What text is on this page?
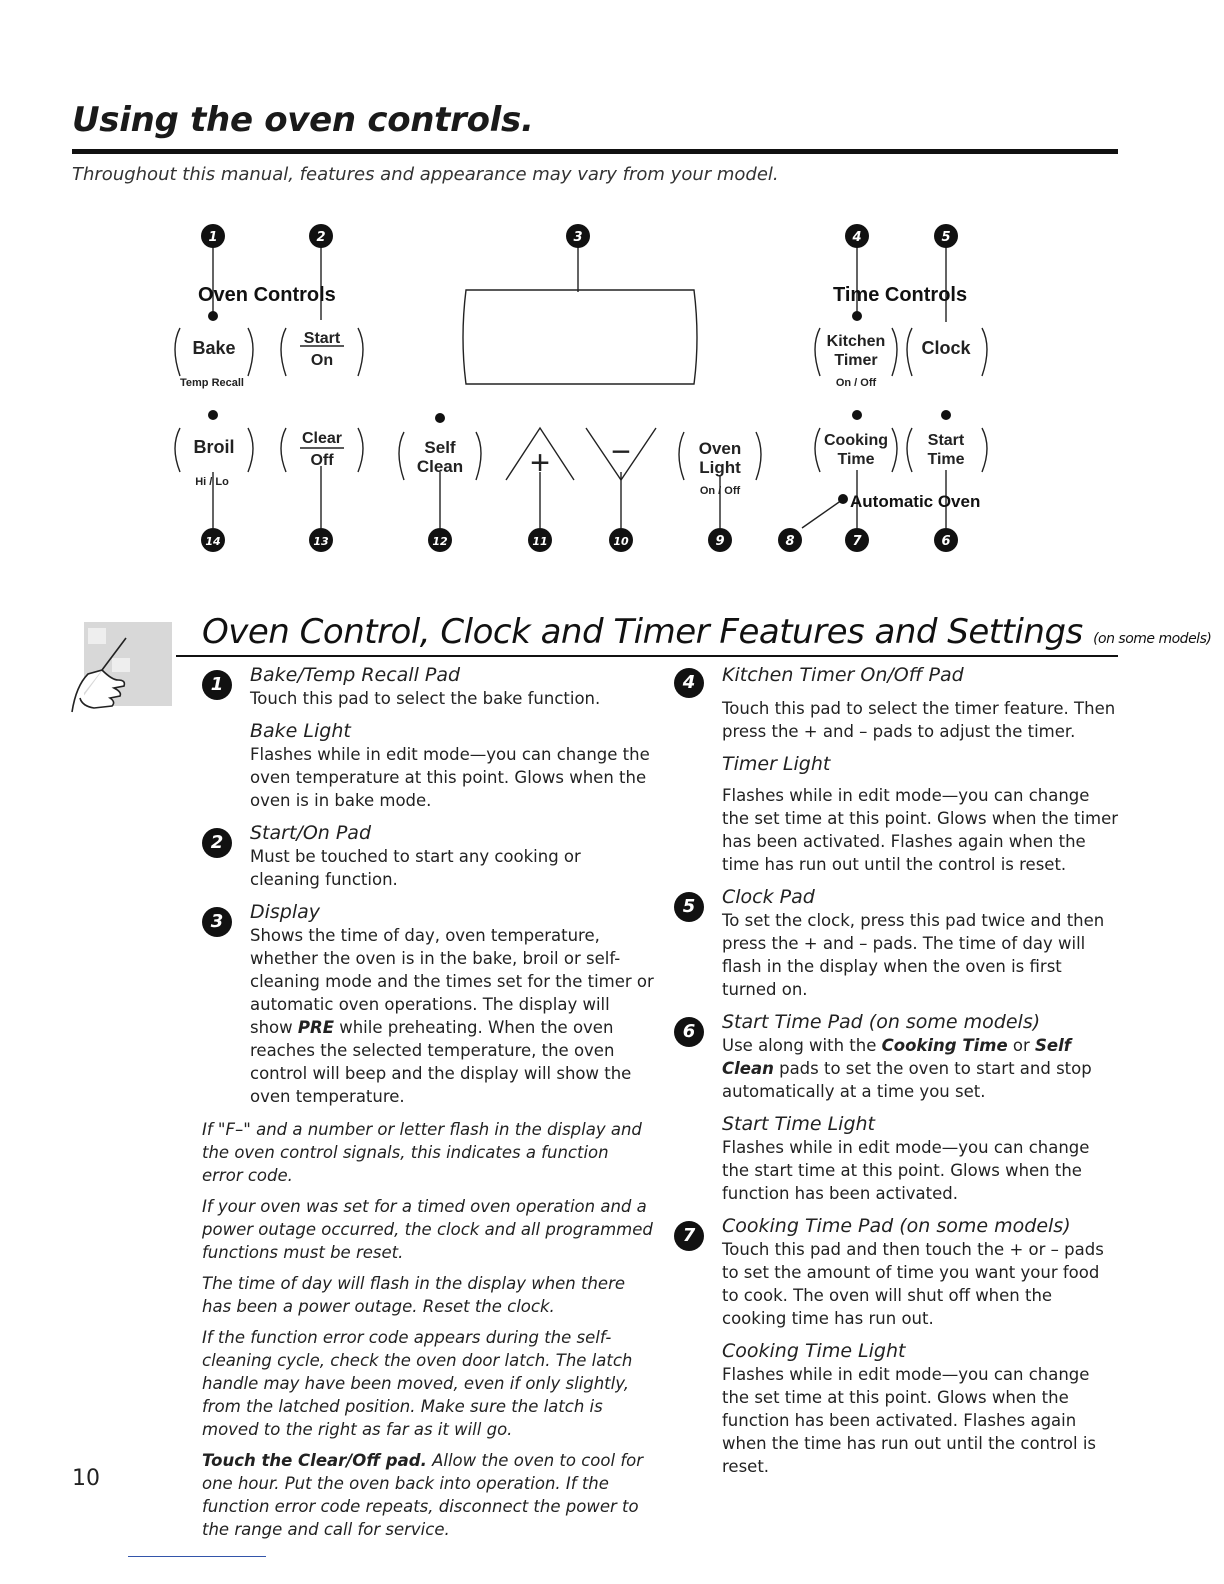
Using the oven controls.
Throughout this manual, features and appearance may vary from your model.
Oven Controls	Time Controls
Automatic Oven
Bake
Temp Recall
Start
On
Broil
Hi / Lo
Clear
Off
Self
Clean + −	Oven
Light
On / Off
Kitchen
Timer
On / Off
Clock
Cooking
Time
Start
Time
1	2	3	4	5
6
7
8
9
10
11
12
13
14
Oven Control, Clock and Timer Features and Settings (on some models)
1	Bake/Temp Recall Pad

Touch this pad to select the bake function.

Bake Light

Flashes while in edit mode—you can change the oven temperature at this point. Glows when the oven is in bake mode.

2	Start/On Pad

Must be touched to start any cooking or cleaning function.

3	Display

Shows the time of day, oven temperature, whether the oven is in the bake, broil or self-cleaning mode and the times set for the timer or automatic oven operations. The display will show PRE while preheating. When the oven reaches the selected temperature, the oven control will beep and the display will show the oven temperature.

If "F–" and a number or letter flash in the display and the oven control signals, this indicates a function error code.

If your oven was set for a timed oven operation and a power outage occurred, the clock and all programmed functions must be reset.

The time of day will flash in the display when there has been a power outage. Reset the clock.

If the function error code appears during the self-cleaning cycle, check the oven door latch. The latch handle may have been moved, even if only slightly, from the latched position. Make sure the latch is moved to the right as far as it will go.

Touch the Clear/Off pad. Allow the oven to cool for one hour. Put the oven back into operation. If the function error code repeats, disconnect the power to the range and call for service.

4	Kitchen Timer On/Off Pad

Touch this pad to select the timer feature. Then press the + and – pads to adjust the timer.

Timer Light

Flashes while in edit mode—you can change the set time at this point. Glows when the timer has been activated. Flashes again when the time has run out until the control is reset.

5	Clock Pad

To set the clock, press this pad twice and then press the + and – pads. The time of day will flash in the display when the oven is first turned on.

6	Start Time Pad (on some models)

Use along with the Cooking Time or Self Clean pads to set the oven to start and stop automatically at a time you set.

Start Time Light

Flashes while in edit mode—you can change the start time at this point. Glows when the function has been activated.

7	Cooking Time Pad (on some models)

Touch this pad and then touch the + or – pads to set the amount of time you want your food to cook. The oven will shut off when the cooking time has run out.

Cooking Time Light

Flashes while in edit mode—you can change the set time at this point. Glows when the function has been activated. Flashes again when the time has run out until the control is reset.

10
